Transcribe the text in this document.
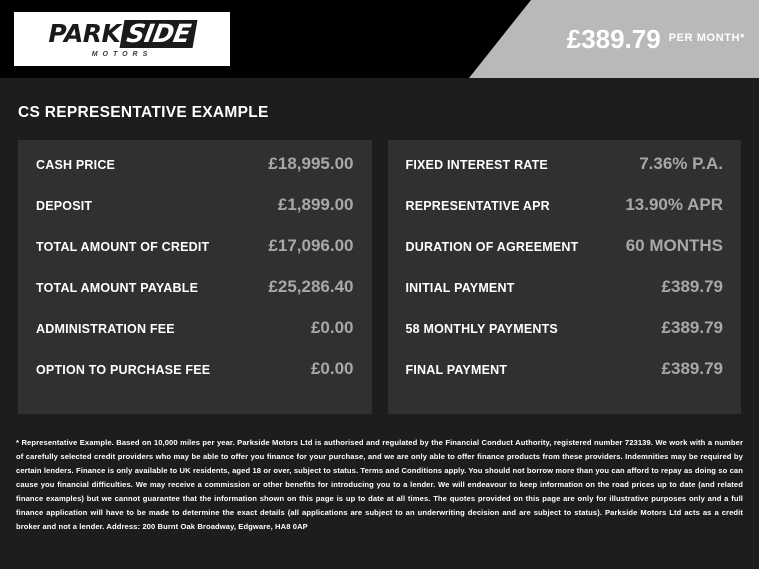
PARK SIDE
MOTORS
£389.79 PER MONTH*
CS REPRESENTATIVE EXAMPLE
CASH PRICE	£18,995.00
DEPOSIT	£1,899.00
TOTAL AMOUNT OF CREDIT	£17,096.00
TOTAL AMOUNT PAYABLE	£25,286.40
ADMINISTRATION FEE	£0.00
OPTION TO PURCHASE FEE	£0.00
FIXED INTEREST RATE	7.36% P.A.
REPRESENTATIVE APR	13.90% APR
DURATION OF AGREEMENT	60 MONTHS
INITIAL PAYMENT	£389.79
58 MONTHLY PAYMENTS	£389.79
FINAL PAYMENT	£389.79
* Representative Example. Based on 10,000 miles per year. Parkside Motors Ltd is authorised and regulated by the Financial Conduct Authority, registered number 723139. We work with a number of carefully selected credit providers who may be able to offer you finance for your purchase, and we are only able to offer finance products from these providers. Indemnities may be required by certain lenders. Finance is only available to UK residents, aged 18 or over, subject to status. Terms and Conditions apply. You should not borrow more than you can afford to repay as doing so can cause you financial difficulties. We may receive a commission or other benefits for introducing you to a lender. We will endeavour to keep information on the road prices up to date (and related finance examples) but we cannot guarantee that the information shown on this page is up to date at all times. The quotes provided on this page are only for illustrative purposes only and a full finance application will have to be made to determine the exact details (all applications are subject to an underwriting decision and are subject to status). Parkside Motors Ltd acts as a credit broker and not a lender. Address: 200 Burnt Oak Broadway, Edgware, HA8 0AP
